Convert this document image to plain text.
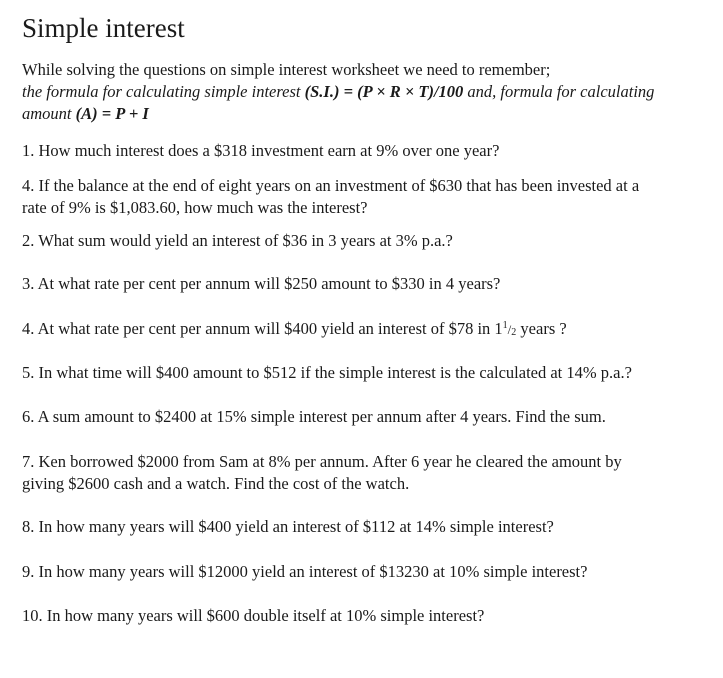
Simple interest
While solving the questions on simple interest worksheet we need to remember;
the formula for calculating simple interest (S.I.) = (P × R × T)/100 and, formula for calculating amount (A) = P + I

1. How much interest does a $318 investment earn at 9% over one year?

4. If the balance at the end of eight years on an investment of $630 that has been invested at a rate of 9% is $1,083.60, how much was the interest?

2. What sum would yield an interest of $36 in 3 years at 3% p.a.?

3. At what rate per cent per annum will $250 amount to $330 in 4 years?

4. At what rate per cent per annum will $400 yield an interest of $78 in $1^1/_2$ years ?

5. In what time will $400 amount to $512 if the simple interest is the calculated at 14% p.a.?

6. A sum amount to $2400 at 15% simple interest per annum after 4 years. Find the sum.

7. Ken borrowed $2000 from Sam at 8% per annum. After 6 year he cleared the amount by giving $2600 cash and a watch. Find the cost of the watch.

8. In how many years will $400 yield an interest of $112 at 14% simple interest?

9. In how many years will $12000 yield an interest of $13230 at 10% simple interest?

10. In how many years will $600 double itself at 10% simple interest?
